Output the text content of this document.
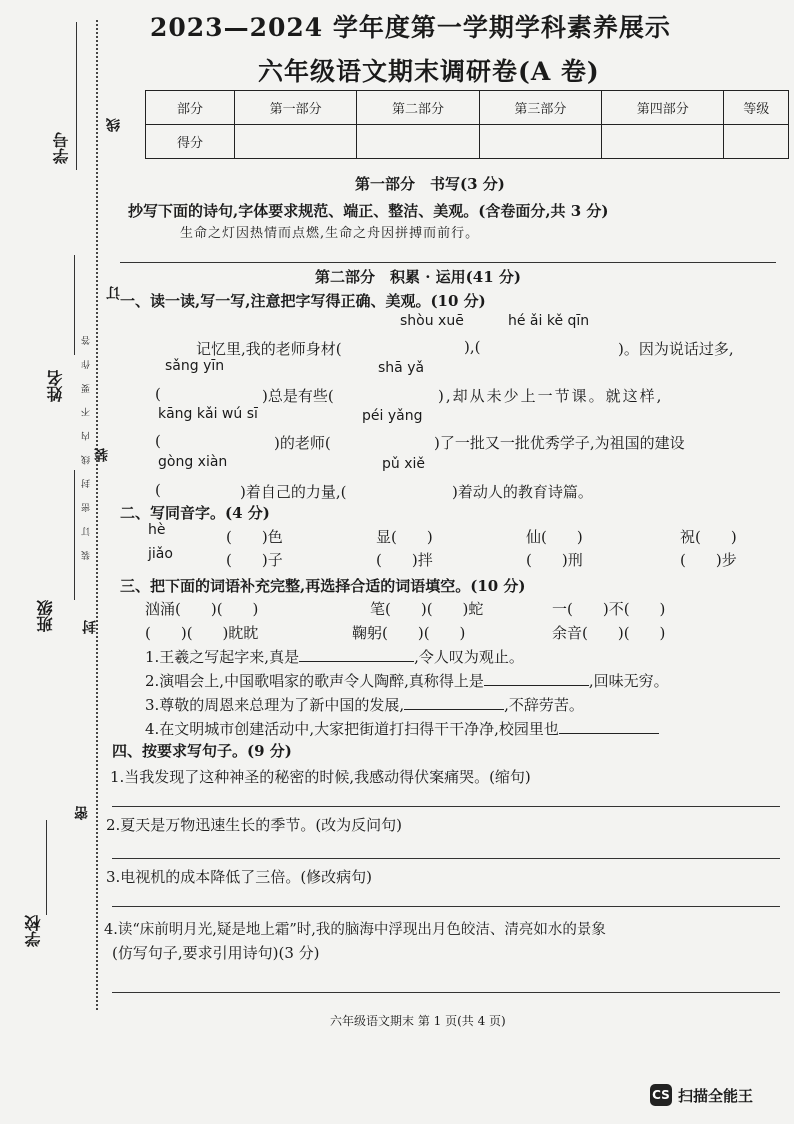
学号
姓名
班级
学校
线
订
装
封
密
装 订 密 封 线 内 不 要 作 答
2023—2024 学年度第一学期学科素养展示
六年级语文期末调研卷(A 卷)
部分	第一部分	第二部分	第三部分	第四部分	等级
得分					
第一部分　书写(3 分)
抄写下面的诗句,字体要求规范、端正、整洁、美观。(含卷面分,共 3 分)
生命之灯因热情而点燃,生命之舟因拼搏而前行。
第二部分　积累 · 运用(41 分)
一、读一读,写一写,注意把字写得正确、美观。(10 分)
shòu xuē	hé ǎi kě qīn
记忆里,我的老师身材(	),(	)。因为说话过多,
sǎng yīn	shā yǎ
(	)总是有些(	),却从未少上一节课。就这样,
kāng kǎi wú sī	péi yǎng
(	)的老师(	)了一批又一批优秀学子,为祖国的建设
gòng xiàn	pǔ xiě
(	)着自己的力量,(	)着动人的教育诗篇。
二、写同音字。(4 分)
hè	(　　)色	显(　　)	仙(　　)	祝(　　)
jiǎo	(　　)子	(　　)拌	(　　)刑	(　　)步
三、把下面的词语补充完整,再选择合适的词语填空。(10 分)
汹涌(　　)(　　)	笔(　　)(　　)蛇	一(　　)不(　　)
(　　)(　　)眈眈	鞠躬(　　)(　　)	余音(　　)(　　)
1.王羲之写起字来,真是	,令人叹为观止。
2.演唱会上,中国歌唱家的歌声令人陶醉,真称得上是	,回味无穷。
3.尊敬的周恩来总理为了新中国的发展,	,不辞劳苦。
4.在文明城市创建活动中,大家把街道打扫得干干净净,校园里也
四、按要求写句子。(9 分)
1.当我发现了这种神圣的秘密的时候,我感动得伏案痛哭。(缩句)
2.夏天是万物迅速生长的季节。(改为反问句)
3.电视机的成本降低了三倍。(修改病句)
4.读“床前明月光,疑是地上霜”时,我的脑海中浮现出月色皎洁、清亮如水的景象
(仿写句子,要求引用诗句)(3 分)
六年级语文期末 第 1 页(共 4 页)
CS 扫描全能王
